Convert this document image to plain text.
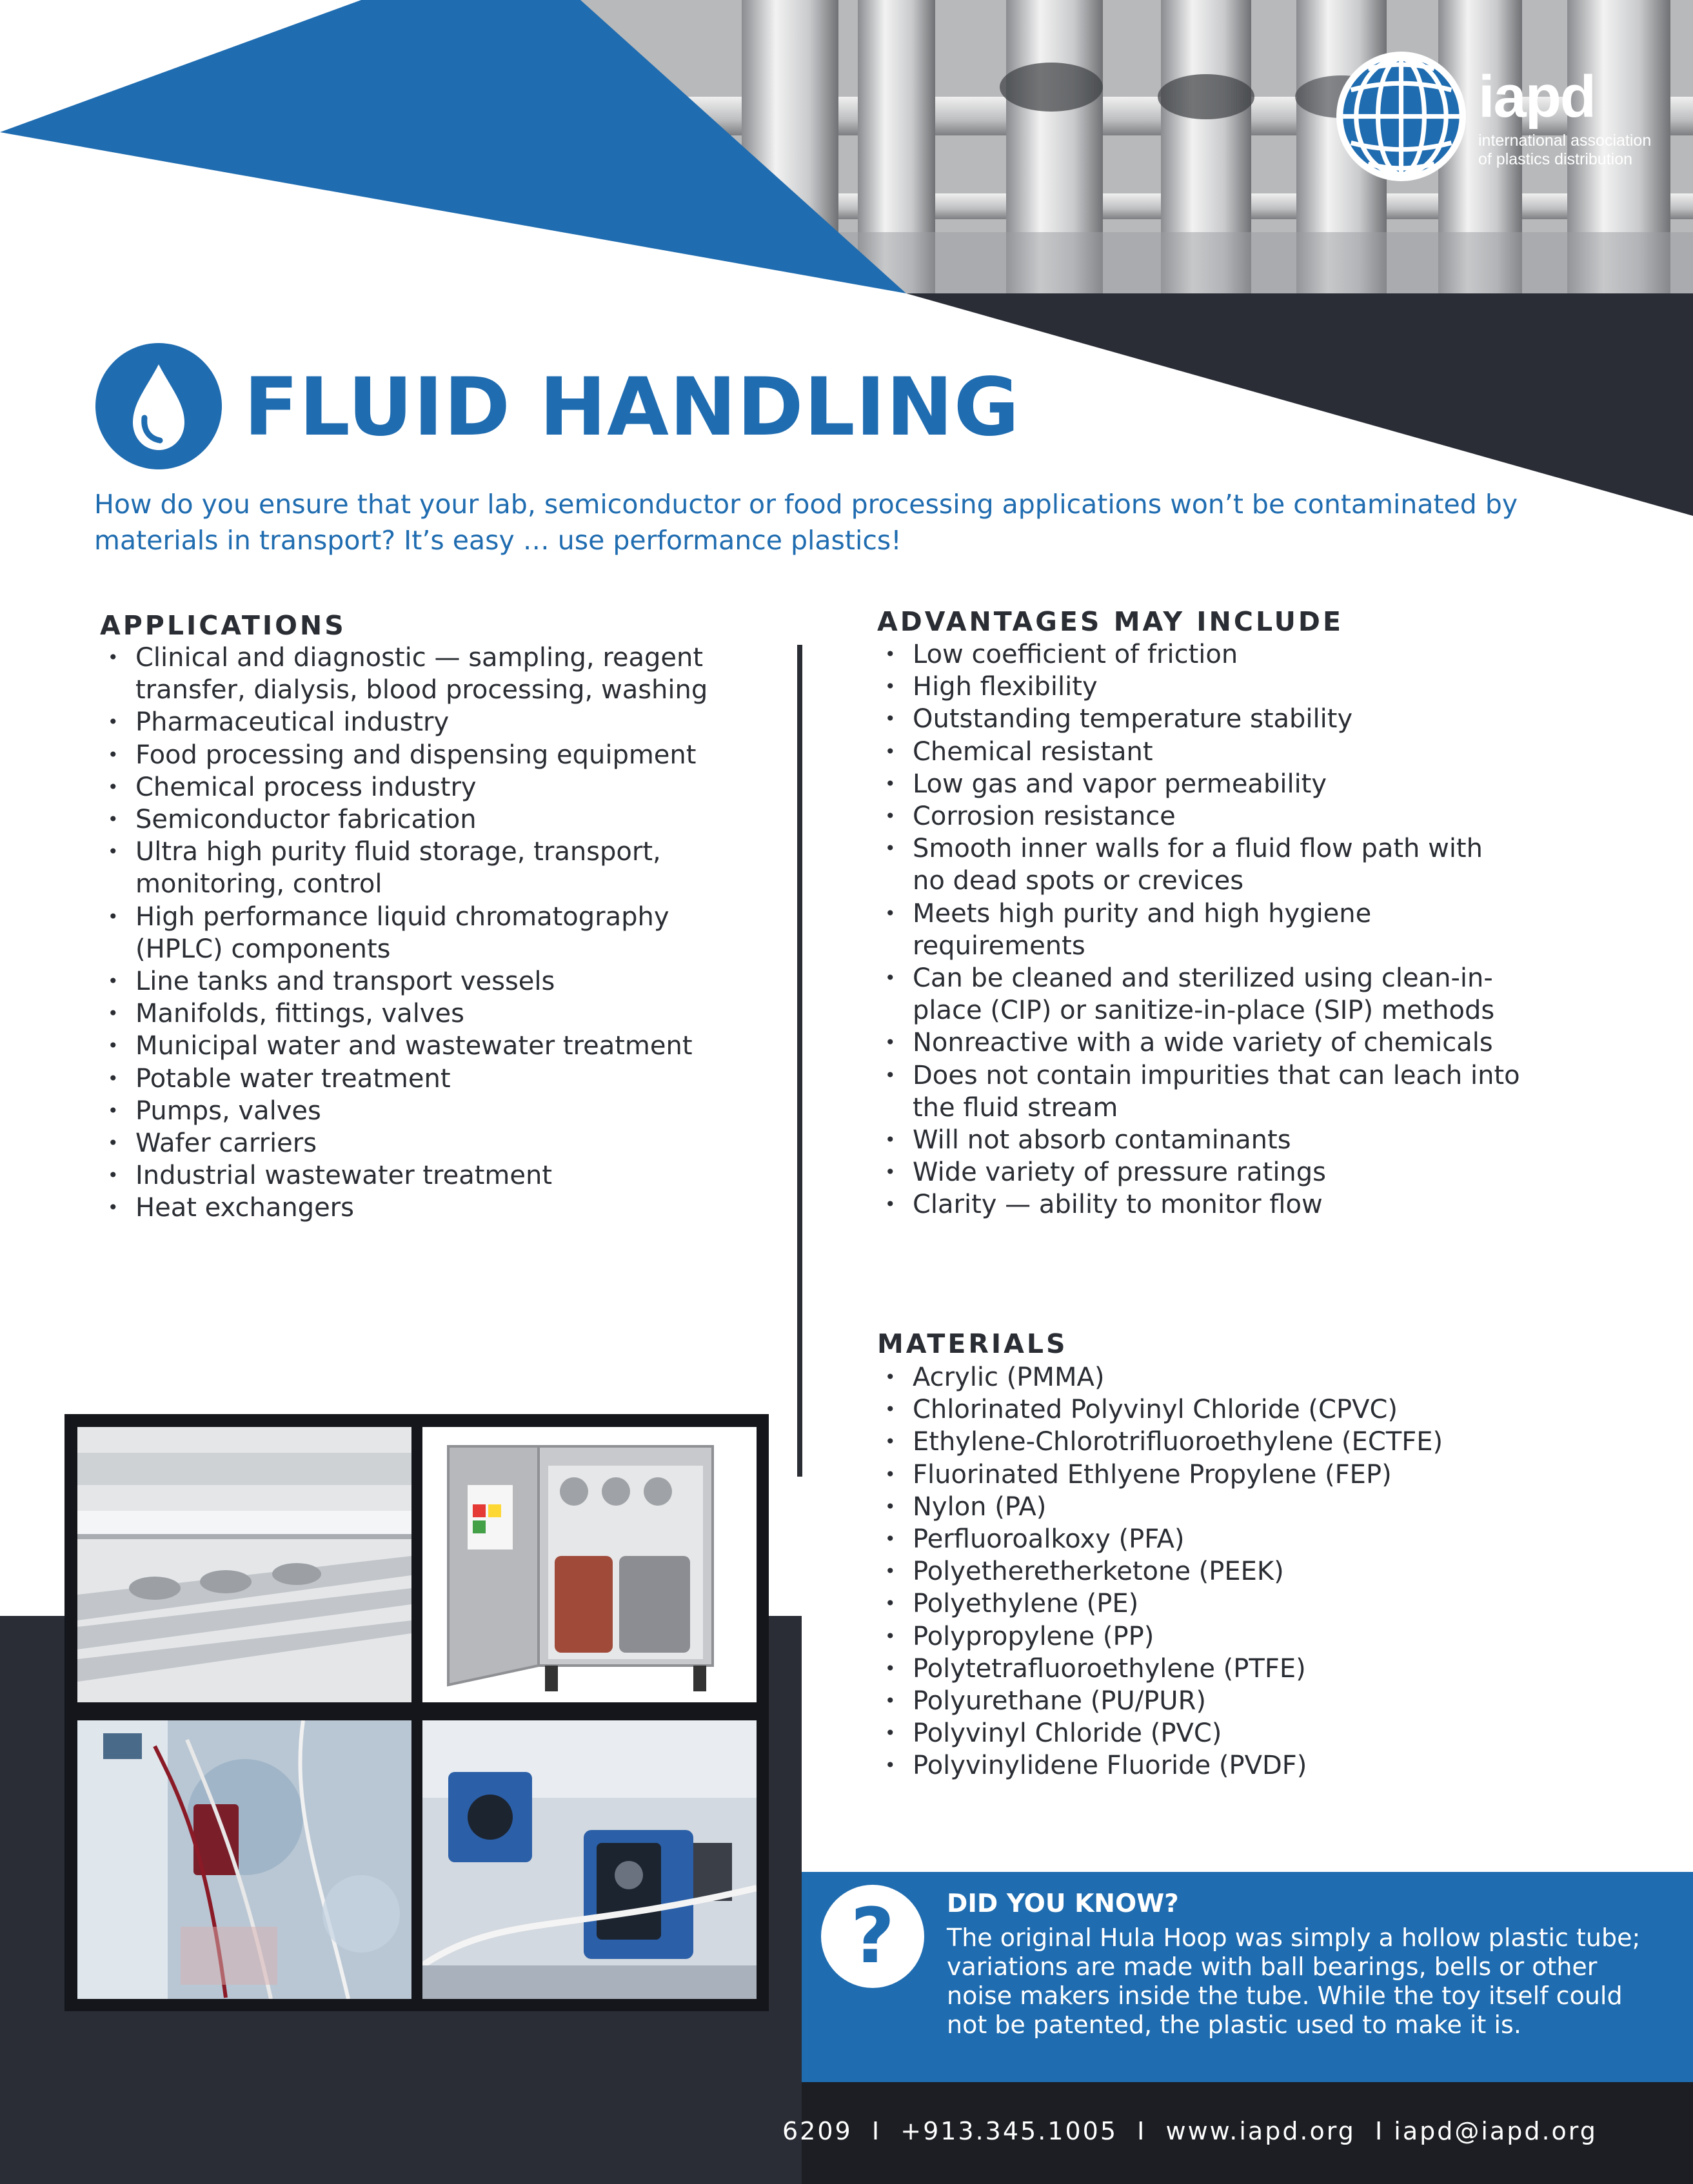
iapd
international association
of plastics distribution
FLUID HANDLING
How do you ensure that your lab, semiconductor or food processing applications won’t be contaminated by materials in transport? It’s easy … use performance plastics!
APPLICATIONS
• Clinical and diagnostic — sampling, reagent transfer, dialysis, blood processing, washing
• Pharmaceutical industry
• Food processing and dispensing equipment
• Chemical process industry
• Semiconductor fabrication
• Ultra high purity fluid storage, transport, monitoring, control
• High performance liquid chromatography (HPLC) components
• Line tanks and transport vessels
• Manifolds, fittings, valves
• Municipal water and wastewater treatment
• Potable water treatment
• Pumps, valves
• Wafer carriers
• Industrial wastewater treatment
• Heat exchangers
ADVANTAGES MAY INCLUDE
• Low coefficient of friction
• High flexibility
• Outstanding temperature stability
• Chemical resistant
• Low gas and vapor permeability
• Corrosion resistance
• Smooth inner walls for a fluid flow path with no dead spots or crevices
• Meets high purity and high hygiene requirements
• Can be cleaned and sterilized using clean-in-place (CIP) or sanitize-in-place (SIP) methods
• Nonreactive with a wide variety of chemicals
• Does not contain impurities that can leach into the fluid stream
• Will not absorb contaminants
• Wide variety of pressure ratings
• Clarity — ability to monitor flow
MATERIALS
• Acrylic (PMMA)
• Chlorinated Polyvinyl Chloride (CPVC)
• Ethylene-Chlorotrifluoroethylene (ECTFE)
• Fluorinated Ethlyene Propylene (FEP)
• Nylon (PA)
• Perfluoroalkoxy (PFA)
• Polyetheretherketone (PEEK)
• Polyethylene (PE)
• Polypropylene (PP)
• Polytetrafluoroethylene (PTFE)
• Polyurethane (PU/PUR)
• Polyvinyl Chloride (PVC)
• Polyvinylidene Fluoride (PVDF)
? DID YOU KNOW?
The original Hula Hoop was simply a hollow plastic tube; variations are made with ball bearings, bells or other noise makers inside the tube. While the toy itself could not be patented, the plastic used to make it is.
6209  I  +913.345.1005  I  www.iapd.org  I iapd@iapd.org
